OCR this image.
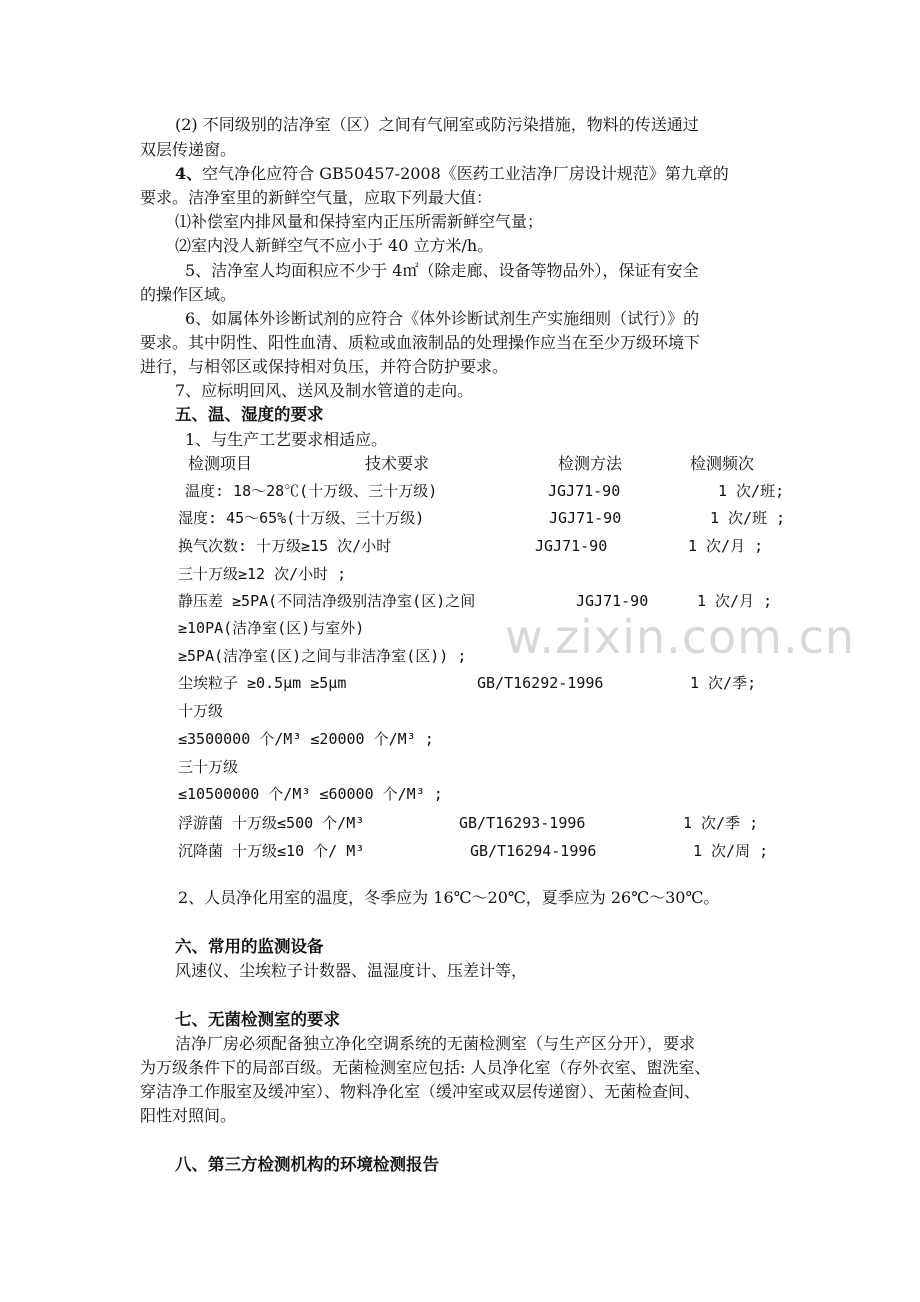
w.zixin.com.cn
(2) 不同级别的洁净室（区）之间有气闸室或防污染措施，物料的传送通过
双层传递窗。
4、空气净化应符合 GB50457-2008《医药工业洁净厂房设计规范》第九章的
要求。洁净室里的新鲜空气量，应取下列最大值：
⑴补偿室内排风量和保持室内正压所需新鲜空气量；
⑵室内没人新鲜空气不应小于 40 立方米/h。
5、洁净室人均面积应不少于 4㎡（除走廊、设备等物品外），保证有安全
的操作区域。
6、如属体外诊断试剂的应符合《体外诊断试剂生产实施细则（试行）》的
要求。其中阴性、阳性血清、质粒或血液制品的处理操作应当在至少万级环境下
进行，与相邻区或保持相对负压，并符合防护要求。
7、应标明回风、送风及制水管道的走向。
五、温、湿度的要求
1、与生产工艺要求相适应。
检测项目	技术要求	检测方法	检测频次
温度: 18～28℃(十万级、三十万级)	JGJ71-90	1 次/班;
湿度: 45～65%(十万级、三十万级)	JGJ71-90	1 次/班 ;
换气次数: 十万级≥15 次/小时	JGJ71-90	1 次/月 ;
三十万级≥12 次/小时 ;
静压差 ≥5PA(不同洁净级别洁净室(区)之间	JGJ71-90	1 次/月 ;
≥10PA(洁净室(区)与室外)
≥5PA(洁净室(区)之间与非洁净室(区)) ;
尘埃粒子 ≥0.5μm ≥5μm	GB/T16292-1996	1 次/季;
十万级
≤3500000 个/M³ ≤20000 个/M³ ;
三十万级
≤10500000 个/M³ ≤60000 个/M³ ;
浮游菌 十万级≤500 个/M³	GB/T16293-1996	1 次/季 ;
沉降菌 十万级≤10 个/ M³	GB/T16294-1996	1 次/周 ;
2、人员净化用室的温度，冬季应为 16℃～20℃，夏季应为 26℃～30℃。
六、常用的监测设备
风速仪、尘埃粒子计数器、温湿度计、压差计等，
七、无菌检测室的要求
洁净厂房必须配备独立净化空调系统的无菌检测室（与生产区分开），要求
为万级条件下的局部百级。无菌检测室应包括: 人员净化室（存外衣室、盥洗室、
穿洁净工作服室及缓冲室）、物料净化室（缓冲室或双层传递窗）、无菌检查间、
阳性对照间。
八、第三方检测机构的环境检测报告
